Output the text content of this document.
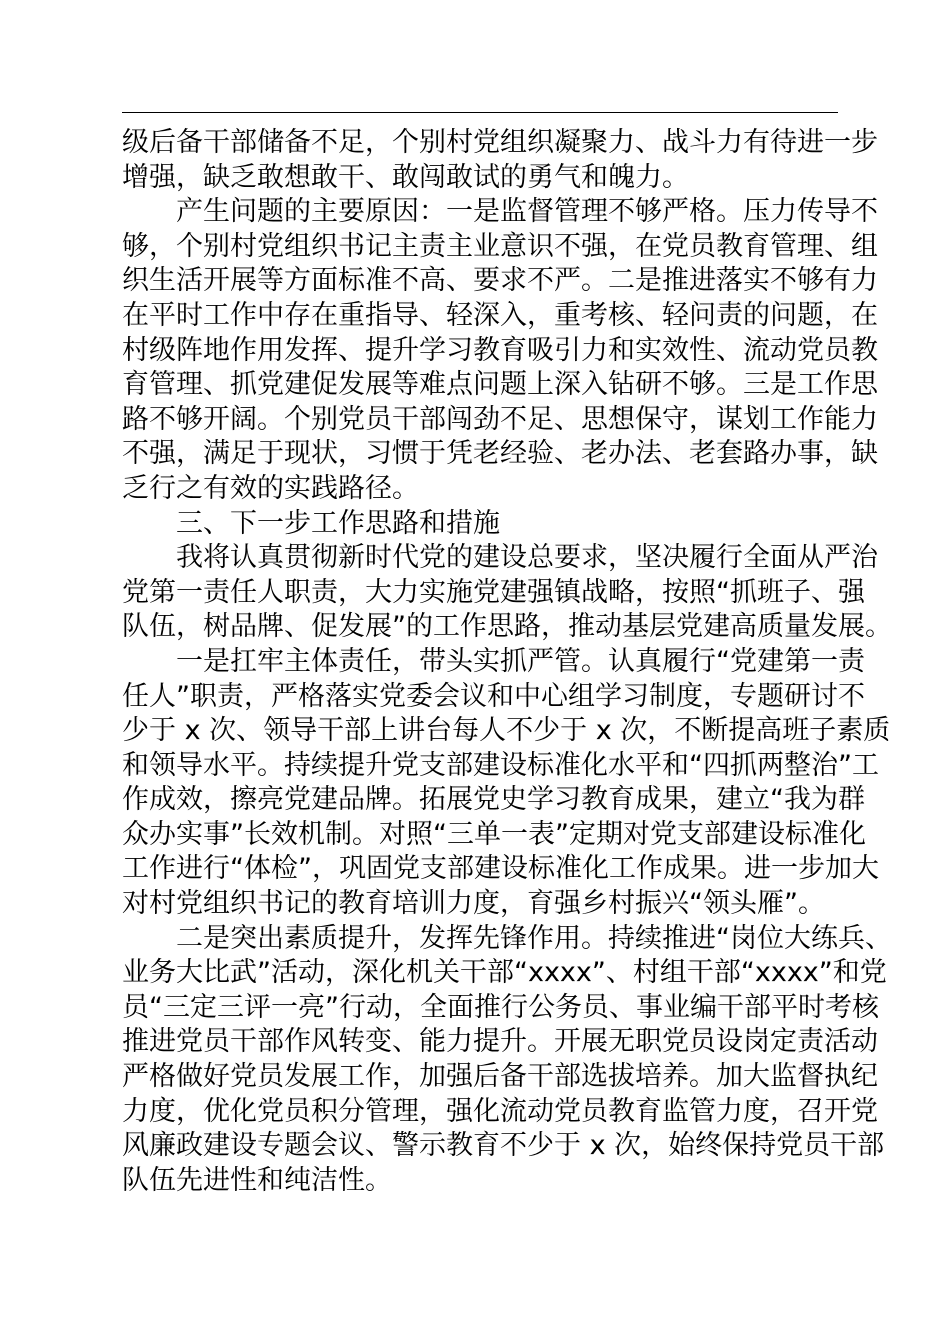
级后备干部储备不足，个别村党组织凝聚力、战斗力有待进一步
增强，缺乏敢想敢干、敢闯敢试的勇气和魄力。
产生问题的主要原因：一是监督管理不够严格。压力传导不
够，个别村党组织书记主责主业意识不强，在党员教育管理、组
织生活开展等方面标准不高、要求不严。二是推进落实不够有力
在平时工作中存在重指导、轻深入，重考核、轻问责的问题，在
村级阵地作用发挥、提升学习教育吸引力和实效性、流动党员教
育管理、抓党建促发展等难点问题上深入钻研不够。三是工作思
路不够开阔。个别党员干部闯劲不足、思想保守，谋划工作能力
不强，满足于现状，习惯于凭老经验、老办法、老套路办事，缺
乏行之有效的实践路径。
三、下一步工作思路和措施
我将认真贯彻新时代党的建设总要求，坚决履行全面从严治
党第一责任人职责，大力实施党建强镇战略，按照“抓班子、强
队伍，树品牌、促发展”的工作思路，推动基层党建高质量发展。
一是扛牢主体责任，带头实抓严管。认真履行“党建第一责
任人”职责，严格落实党委会议和中心组学习制度，专题研讨不
少于 x 次、领导干部上讲台每人不少于 x 次，不断提高班子素质
和领导水平。持续提升党支部建设标准化水平和“四抓两整治”工
作成效，擦亮党建品牌。拓展党史学习教育成果，建立“我为群
众办实事”长效机制。对照“三单一表”定期对党支部建设标准化
工作进行“体检”，巩固党支部建设标准化工作成果。进一步加大
对村党组织书记的教育培训力度，育强乡村振兴“领头雁”。
二是突出素质提升，发挥先锋作用。持续推进“岗位大练兵、
业务大比武”活动，深化机关干部“xxxx”、村组干部“xxxx”和党
员“三定三评一亮”行动，全面推行公务员、事业编干部平时考核
推进党员干部作风转变、能力提升。开展无职党员设岗定责活动
严格做好党员发展工作，加强后备干部选拔培养。加大监督执纪
力度，优化党员积分管理，强化流动党员教育监管力度，召开党
风廉政建设专题会议、警示教育不少于 x 次，始终保持党员干部
队伍先进性和纯洁性。
